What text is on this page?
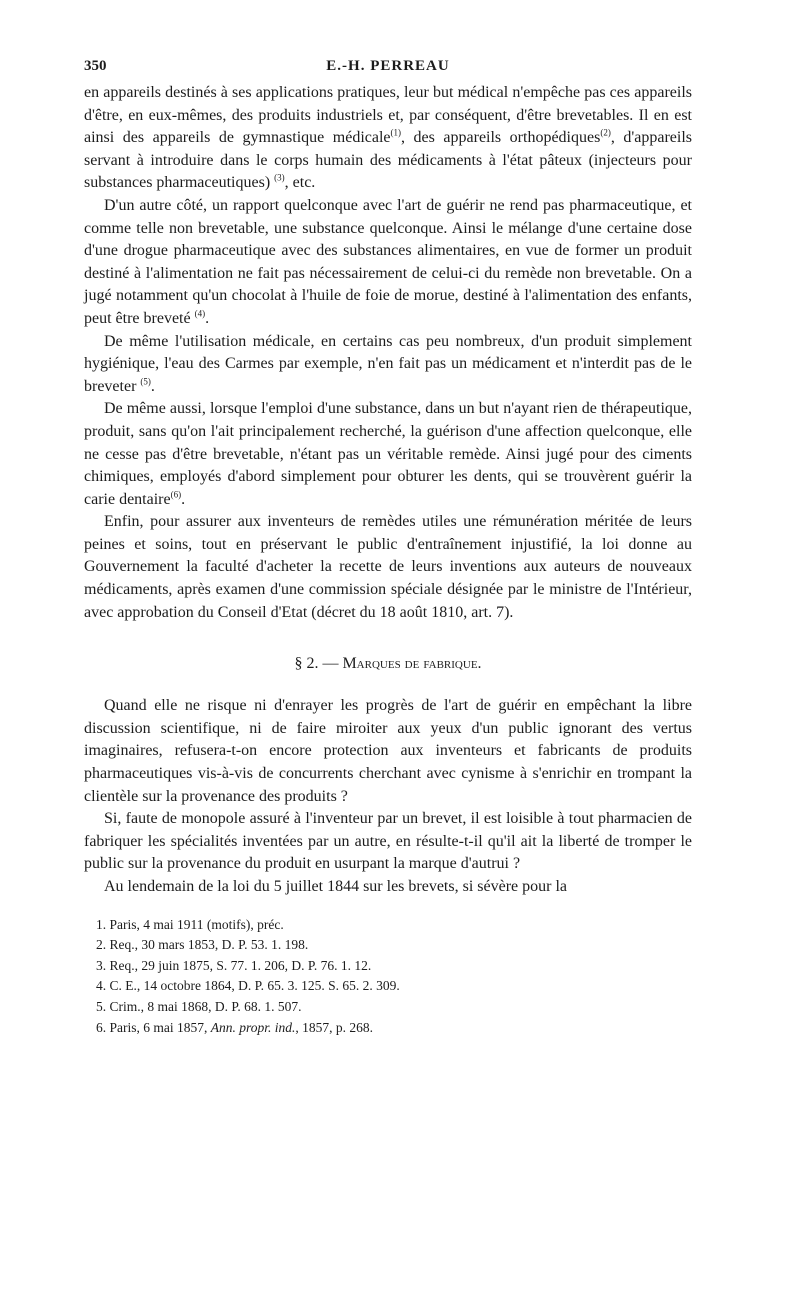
350	E.-H. PERREAU

en appareils destinés à ses applications pratiques, leur but médical n'empêche pas ces appareils d'être, en eux-mêmes, des produits industriels et, par conséquent, d'être brevetables. Il en est ainsi des appareils de gymnastique médicale$^{(1)}$, des appareils orthopédiques$^{(2)}$, d'appareils servant à introduire dans le corps humain des médicaments à l'état pâteux (injecteurs pour substances pharmaceutiques) $^{(3)}$, etc.

D'un autre côté, un rapport quelconque avec l'art de guérir ne rend pas pharmaceutique, et comme telle non brevetable, une substance quelconque. Ainsi le mélange d'une certaine dose d'une drogue pharmaceutique avec des substances alimentaires, en vue de former un produit destiné à l'alimentation ne fait pas nécessairement de celui-ci du remède non brevetable. On a jugé notamment qu'un chocolat à l'huile de foie de morue, destiné à l'alimentation des enfants, peut être breveté $^{(4)}$.

De même l'utilisation médicale, en certains cas peu nombreux, d'un produit simplement hygiénique, l'eau des Carmes par exemple, n'en fait pas un médicament et n'interdit pas de le breveter $^{(5)}$.

De même aussi, lorsque l'emploi d'une substance, dans un but n'ayant rien de thérapeutique, produit, sans qu'on l'ait principalement recherché, la guérison d'une affection quelconque, elle ne cesse pas d'être brevetable, n'étant pas un véritable remède. Ainsi jugé pour des ciments chimiques, employés d'abord simplement pour obturer les dents, qui se trouvèrent guérir la carie dentaire$^{(6)}$.

Enfin, pour assurer aux inventeurs de remèdes utiles une rémunération méritée de leurs peines et soins, tout en préservant le public d'entraînement injustifié, la loi donne au Gouvernement la faculté d'acheter la recette de leurs inventions aux auteurs de nouveaux médicaments, après examen d'une commission spéciale désignée par le ministre de l'Intérieur, avec approbation du Conseil d'Etat (décret du 18 août 1810, art. 7).

§ 2. — Marques de fabrique.

Quand elle ne risque ni d'enrayer les progrès de l'art de guérir en empêchant la libre discussion scientifique, ni de faire miroiter aux yeux d'un public ignorant des vertus imaginaires, refusera-t-on encore protection aux inventeurs et fabricants de produits pharmaceutiques vis-à-vis de concurrents cherchant avec cynisme à s'enrichir en trompant la clientèle sur la provenance des produits ?

Si, faute de monopole assuré à l'inventeur par un brevet, il est loisible à tout pharmacien de fabriquer les spécialités inventées par un autre, en résulte-t-il qu'il ait la liberté de tromper le public sur la provenance du produit en usurpant la marque d'autrui ?

Au lendemain de la loi du 5 juillet 1844 sur les brevets, si sévère pour la

1. Paris, 4 mai 1911 (motifs), préc.

2. Req., 30 mars 1853, D. P. 53. 1. 198.

3. Req., 29 juin 1875, S. 77. 1. 206, D. P. 76. 1. 12.

4. C. E., 14 octobre 1864, D. P. 65. 3. 125. S. 65. 2. 309.

5. Crim., 8 mai 1868, D. P. 68. 1. 507.

6. Paris, 6 mai 1857, Ann. propr. ind., 1857, p. 268.
